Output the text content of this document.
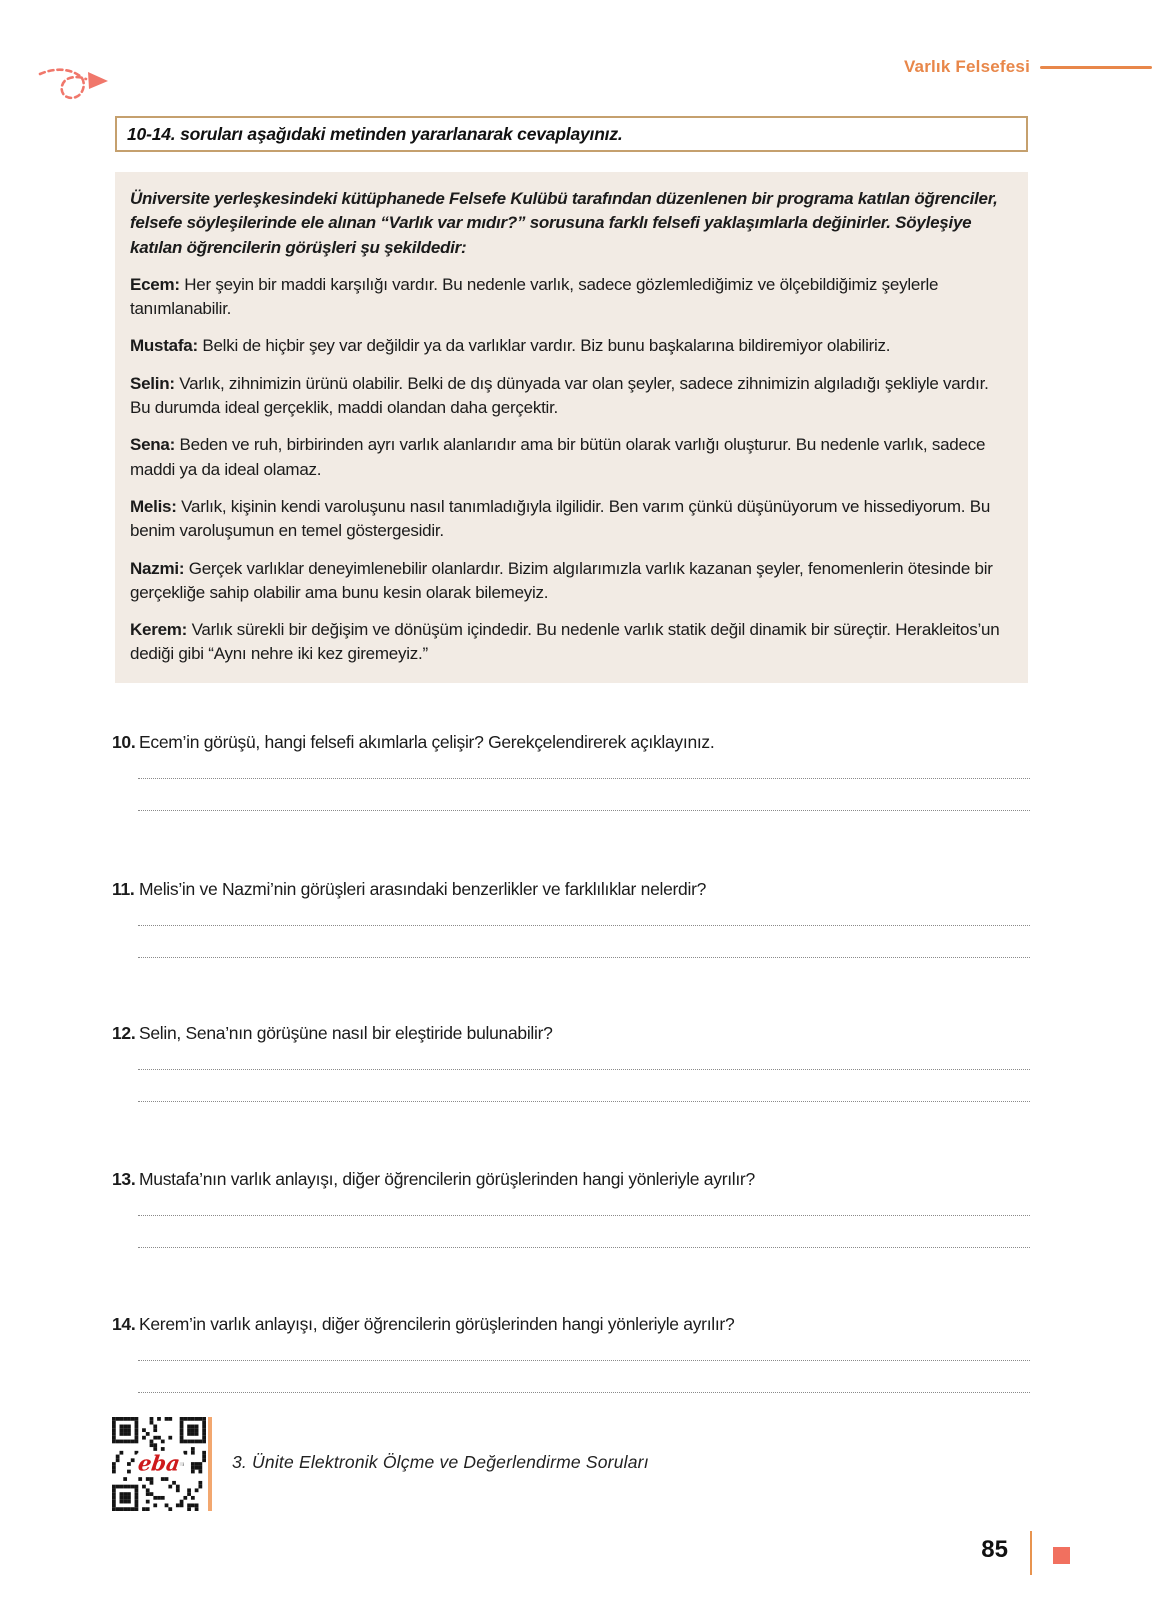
Varlık Felsefesi
10-14. soruları aşağıdaki metinden yararlanarak cevaplayınız.

Üniversite yerleşkesindeki kütüphanede Felsefe Kulübü tarafından düzenlenen bir programa katılan öğrenciler, felsefe söyleşilerinde ele alınan “Varlık var mıdır?” sorusuna farklı felsefi yaklaşımlarla değinirler. Söyleşiye katılan öğrencilerin görüşleri şu şekildedir:

Ecem: Her şeyin bir maddi karşılığı vardır. Bu nedenle varlık, sadece gözlemlediğimiz ve ölçebildiğimiz şeylerle tanımlanabilir.

Mustafa: Belki de hiçbir şey var değildir ya da varlıklar vardır. Biz bunu başkalarına bildiremiyor olabiliriz.

Selin: Varlık, zihnimizin ürünü olabilir. Belki de dış dünyada var olan şeyler, sadece zihnimizin algıladığı şekliyle vardır. Bu durumda ideal gerçeklik, maddi olandan daha gerçektir.

Sena: Beden ve ruh, birbirinden ayrı varlık alanlarıdır ama bir bütün olarak varlığı oluşturur. Bu nedenle varlık, sadece maddi ya da ideal olamaz.

Melis: Varlık, kişinin kendi varoluşunu nasıl tanımladığıyla ilgilidir. Ben varım çünkü düşünüyorum ve hissediyorum. Bu benim varoluşumun en temel göstergesidir.

Nazmi: Gerçek varlıklar deneyimlenebilir olanlardır. Bizim algılarımızla varlık kazanan şeyler, fenomenlerin ötesinde bir gerçekliğe sahip olabilir ama bunu kesin olarak bilemeyiz.

Kerem: Varlık sürekli bir değişim ve dönüşüm içindedir. Bu nedenle varlık statik değil dinamik bir süreçtir. Herakleitos’un dediği gibi “Aynı nehre iki kez giremeyiz.”

10. Ecem’in görüşü, hangi felsefi akımlarla çelişir? Gerekçelendirerek açıklayınız.
11. Melis’in ve Nazmi’nin görüşleri arasındaki benzerlikler ve farklılıklar nelerdir?
12. Selin, Sena’nın görüşüne nasıl bir eleştiride bulunabilir?
13. Mustafa’nın varlık anlayışı, diğer öğrencilerin görüşlerinden hangi yönleriyle ayrılır?
14. Kerem’in varlık anlayışı, diğer öğrencilerin görüşlerinden hangi yönleriyle ayrılır?
eba	3. Ünite Elektronik Ölçme ve Değerlendirme Soruları
85
